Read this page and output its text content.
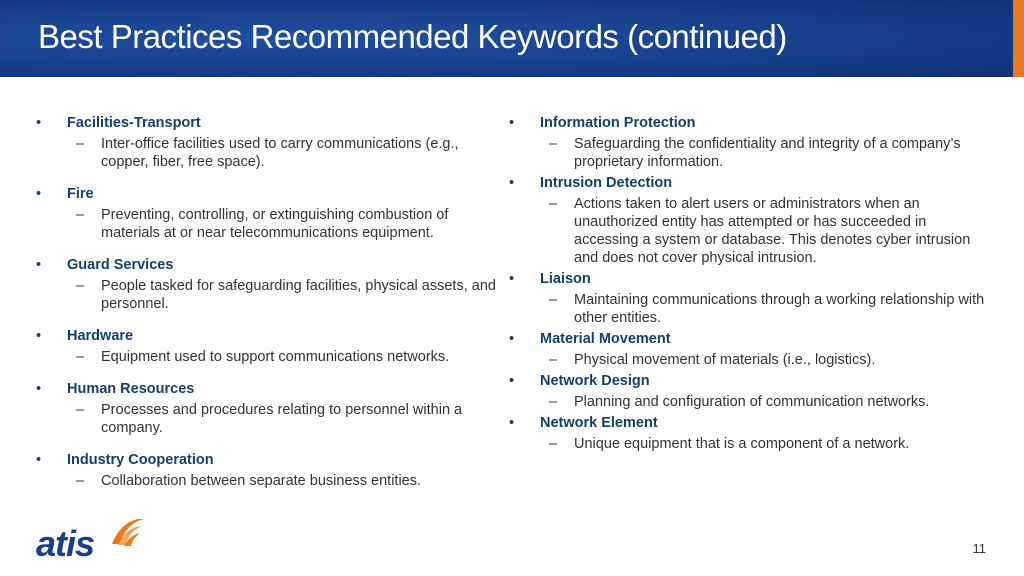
Best Practices Recommended Keywords (continued)
• Facilities-Transport
– Inter-office facilities used to carry communications (e.g., copper, fiber, free space).
• Fire
– Preventing, controlling, or extinguishing combustion of materials at or near telecommunications equipment.
• Guard Services
– People tasked for safeguarding facilities, physical assets, and personnel.
• Hardware
– Equipment used to support communications networks.
• Human Resources
– Processes and procedures relating to personnel within a company.
• Industry Cooperation
– Collaboration between separate business entities.
• Information Protection
– Safeguarding the confidentiality and integrity of a company’s proprietary information.
• Intrusion Detection
– Actions taken to alert users or administrators when an unauthorized entity has attempted or has succeeded in accessing a system or database. This denotes cyber intrusion and does not cover physical intrusion.
• Liaison
– Maintaining communications through a working relationship with other entities.
• Material Movement
– Physical movement of materials (i.e., logistics).
• Network Design
– Planning and configuration of communication networks.
• Network Element
– Unique equipment that is a component of a network.
atis	11
